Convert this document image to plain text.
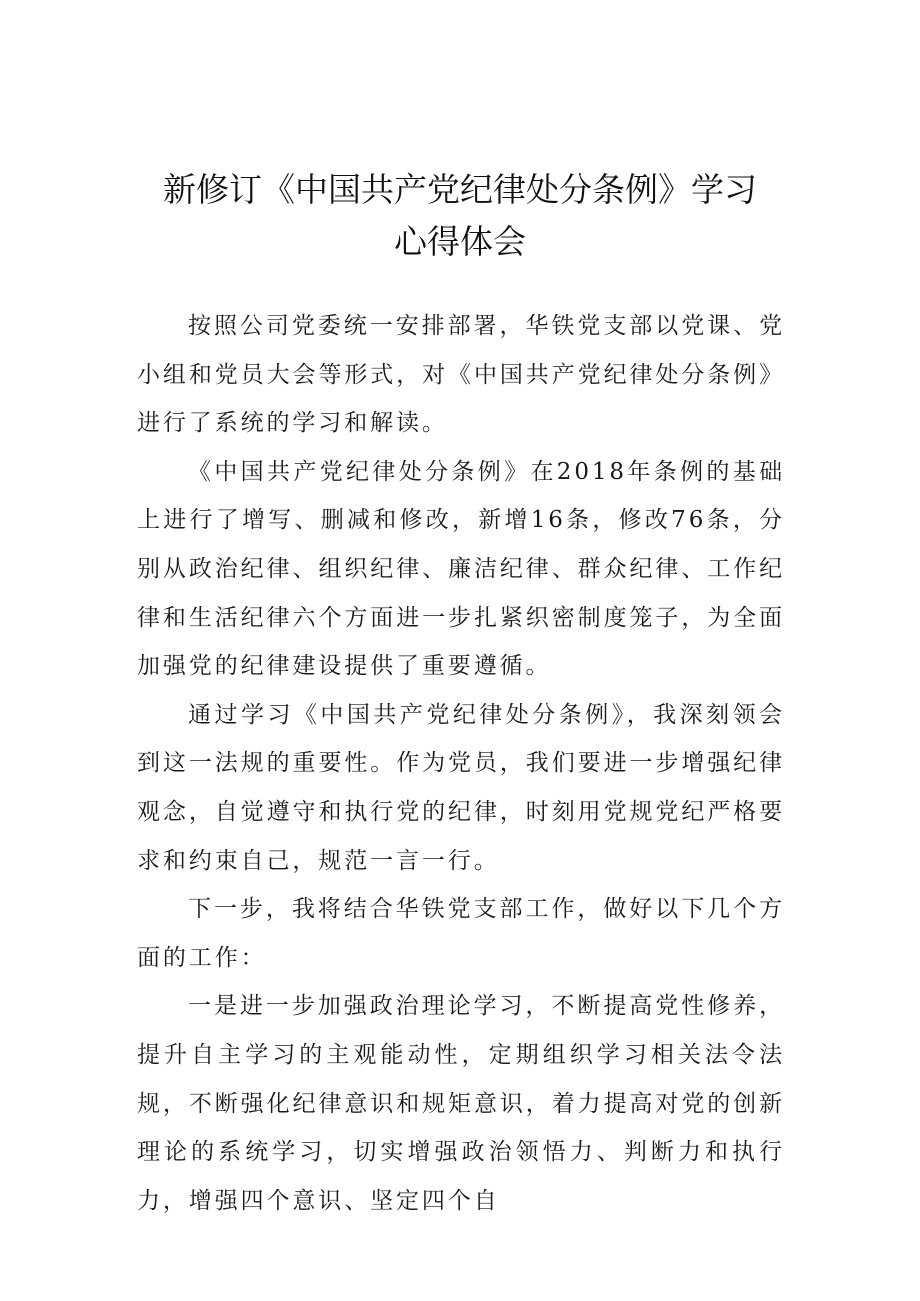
新修订《中国共产党纪律处分条例》学习
心得体会

按照公司党委统一安排部署，华铁党支部以党课、党小组和党员大会等形式，对《中国共产党纪律处分条例》进行了系统的学习和解读。

《中国共产党纪律处分条例》在2018年条例的基础上进行了增写、删减和修改，新增16条，修改76条，分别从政治纪律、组织纪律、廉洁纪律、群众纪律、工作纪律和生活纪律六个方面进一步扎紧织密制度笼子，为全面加强党的纪律建设提供了重要遵循。

通过学习《中国共产党纪律处分条例》，我深刻领会到这一法规的重要性。作为党员，我们要进一步增强纪律观念，自觉遵守和执行党的纪律，时刻用党规党纪严格要求和约束自己，规范一言一行。

下一步，我将结合华铁党支部工作，做好以下几个方面的工作：

一是进一步加强政治理论学习，不断提高党性修养，提升自主学习的主观能动性，定期组织学习相关法令法规，不断强化纪律意识和规矩意识，着力提高对党的创新理论的系统学习，切实增强政治领悟力、判断力和执行力，增强四个意识、坚定四个自
